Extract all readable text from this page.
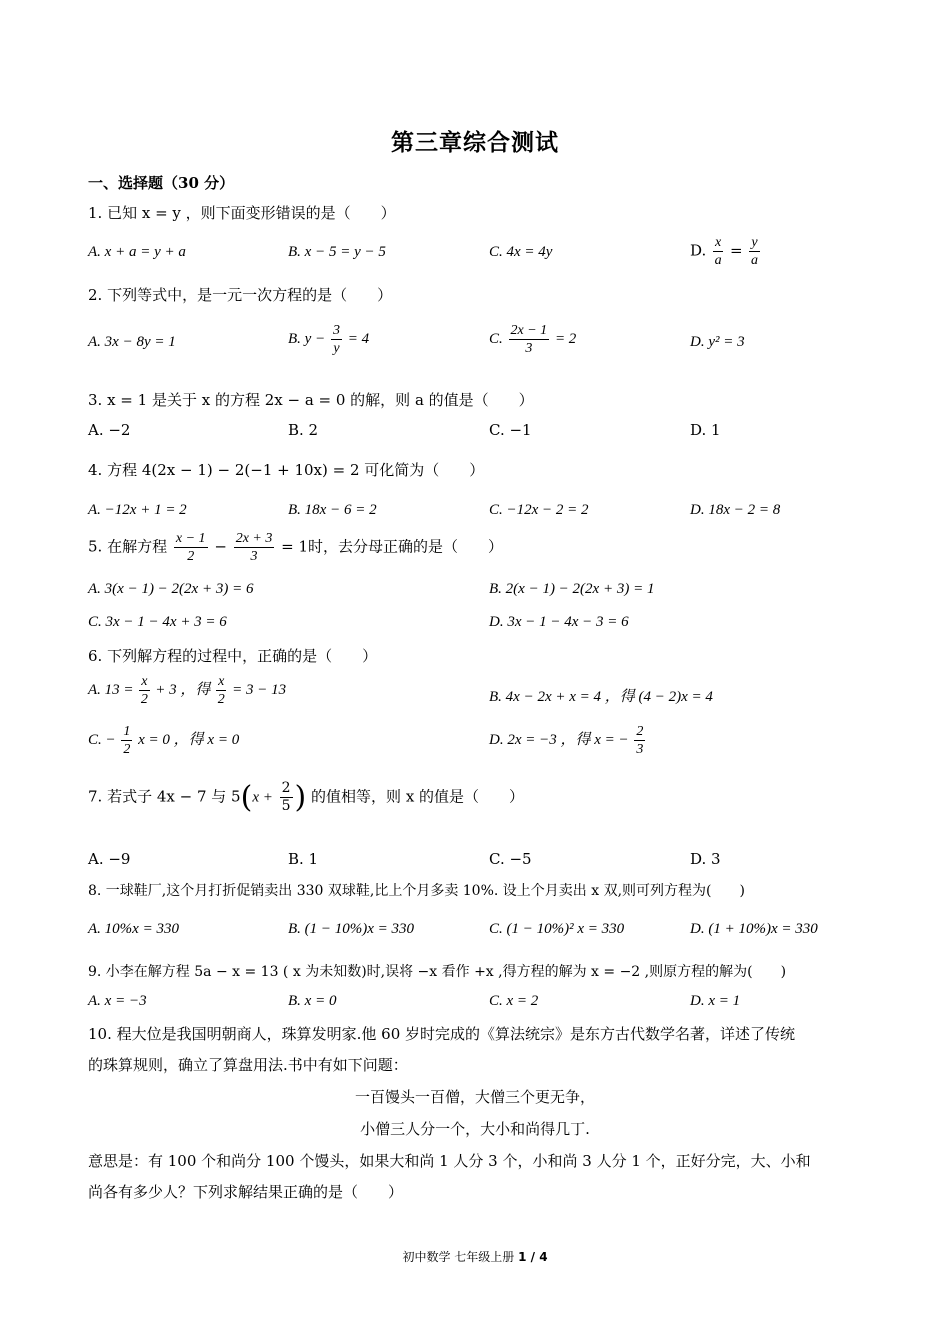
第三章综合测试
一、选择题（30 分）
1. 已知 x = y ，则下面变形错误的是（　　）
A. x + a = y + a	B. x − 5 = y − 5	C. 4x = 4y	D. $\frac{x}{a} = \frac{y}{a}$
2. 下列等式中，是一元一次方程的是（　　）
A. 3x − 8y = 1	B. $y - \frac{3}{y} = 4$	C. $\frac{2x - 1}{3} = 2$	D. y² = 3
3. x = 1 是关于 x 的方程 2x − a = 0 的解，则 a 的值是（　　）
A. −2	B. 2	C. −1	D. 1
4. 方程 4(2x − 1) − 2(−1 + 10x) = 2 可化简为（　　）
A. −12x + 1 = 2	B. 18x − 6 = 2	C. −12x − 2 = 2	D. 18x − 2 = 8
5. 在解方程 $\frac{x - 1}{2} - \frac{2x + 3}{3} = 1$时，去分母正确的是（　　）
A. 3(x − 1) − 2(2x + 3) = 6	B. 2(x − 1) − 2(2x + 3) = 1
C. 3x − 1 − 4x + 3 = 6	D. 3x − 1 − 4x − 3 = 6
6. 下列解方程的过程中，正确的是（　　）
A. $13 = \frac{x}{2} + 3$ ，得 $\frac{x}{2} = 3 - 13$	B. 4x − 2x + x = 4 ，得 (4 − 2)x = 4
C. − $\frac{1}{2}$ x = 0 ，得 x = 0	D. 2x = −3 ，得 x = − $\frac{2}{3}$
7. 若式子 4x − 7 与 $5(x + \frac{2}{5}$ ) 的值相等，则 x 的值是（　　）
A. −9	B. 1	C. −5	D. 3
8. 一球鞋厂,这个月打折促销卖出 330 双球鞋,比上个月多卖 10%. 设上个月卖出 x 双,则可列方程为(　　)
A. 10%x = 330	B. (1 − 10%)x = 330	C. (1 − 10%)² x = 330	D. (1 + 10%)x = 330
9. 小李在解方程 5a − x = 13 ( x 为未知数)时,误将 −x 看作 +x ,得方程的解为 x = −2 ,则原方程的解为(　　)
A. x = −3	B. x = 0	C. x = 2	D. x = 1
10. 程大位是我国明朝商人，珠算发明家.他 60 岁时完成的《算法统宗》是东方古代数学名著，详述了传统
的珠算规则，确立了算盘用法.书中有如下问题：
一百馒头一百僧，大僧三个更无争，
小僧三人分一个，大小和尚得几丁.
意思是：有 100 个和尚分 100 个馒头，如果大和尚 1 人分 3 个，小和尚 3 人分 1 个，正好分完，大、小和
尚各有多少人？下列求解结果正确的是（　　）
初中数学 七年级上册 1 / 4
